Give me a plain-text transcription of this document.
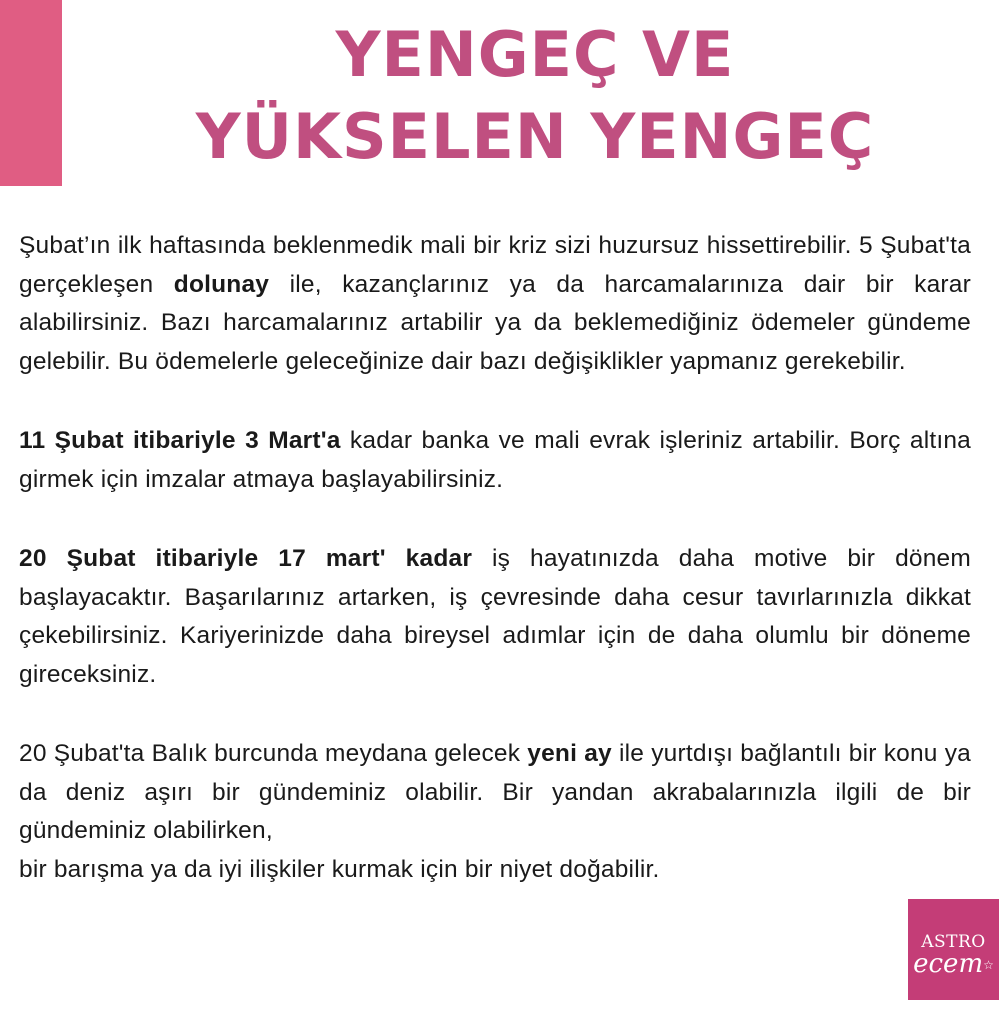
YENGEÇ VE
YÜKSELEN YENGEÇ

Şubat’ın ilk haftasında beklenmedik mali bir kriz sizi huzursuz hissettirebilir. 5 Şubat'ta gerçekleşen dolunay ile, kazançlarınız ya da harcamalarınıza dair bir karar alabilirsiniz. Bazı harcamalarınız artabilir ya da beklemediğiniz ödemeler gündeme gelebilir. Bu ödemelerle geleceğinize dair bazı değişiklikler yapmanız gerekebilir.

11 Şubat itibariyle 3 Mart'a kadar banka ve mali evrak işleriniz artabilir. Borç altına girmek için imzalar atmaya başlayabilirsiniz.

20 Şubat itibariyle 17 mart' kadar iş hayatınızda daha motive bir dönem başlayacaktır. Başarılarınız artarken, iş çevresinde daha cesur tavırlarınızla dikkat çekebilirsiniz. Kariyerinizde daha bireysel adımlar için de daha olumlu bir döneme gireceksiniz.

20 Şubat'ta Balık burcunda meydana gelecek yeni ay ile yurtdışı bağlantılı bir konu ya da deniz aşırı bir gündeminiz olabilir. Bir yandan akrabalarınızla ilgili de bir gündeminiz olabilirken,
bir barışma ya da iyi ilişkiler kurmak için bir niyet doğabilir.

ASTRO
ecem☆
